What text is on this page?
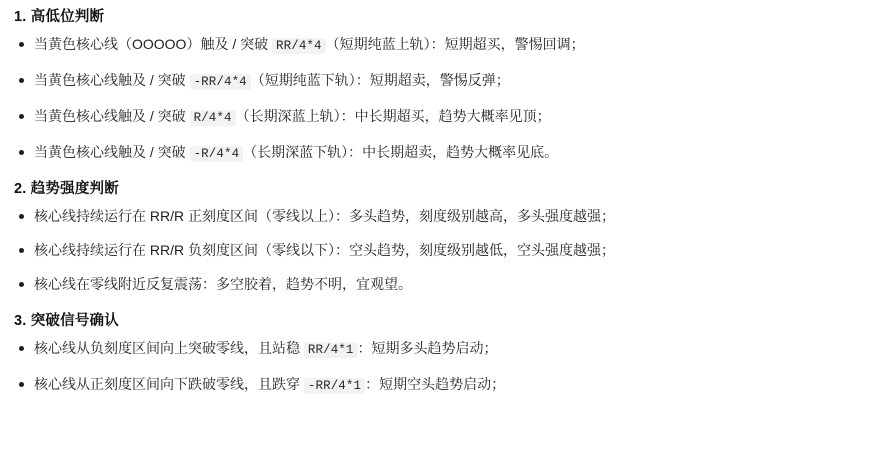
1. 高低位判断
当黄色核心线（OOOOO）触及 / 突破 RR/4*4 （短期纯蓝上轨）：短期超买，警惕回调；
当黄色核心线触及 / 突破 -RR/4*4 （短期纯蓝下轨）：短期超卖，警惕反弹；
当黄色核心线触及 / 突破 R/4*4 （长期深蓝上轨）：中长期超买，趋势大概率见顶；
当黄色核心线触及 / 突破 -R/4*4 （长期深蓝下轨）：中长期超卖，趋势大概率见底。
2. 趋势强度判断
核心线持续运行在 RR/R 正刻度区间（零线以上）：多头趋势，刻度级别越高，多头强度越强；
核心线持续运行在 RR/R 负刻度区间（零线以下）：空头趋势，刻度级别越低，空头强度越强；
核心线在零线附近反复震荡：多空胶着，趋势不明，宜观望。
3. 突破信号确认
核心线从负刻度区间向上突破零线，且站稳 RR/4*1 ：短期多头趋势启动；
核心线从正刻度区间向下跌破零线，且跌穿 -RR/4*1 ：短期空头趋势启动；
